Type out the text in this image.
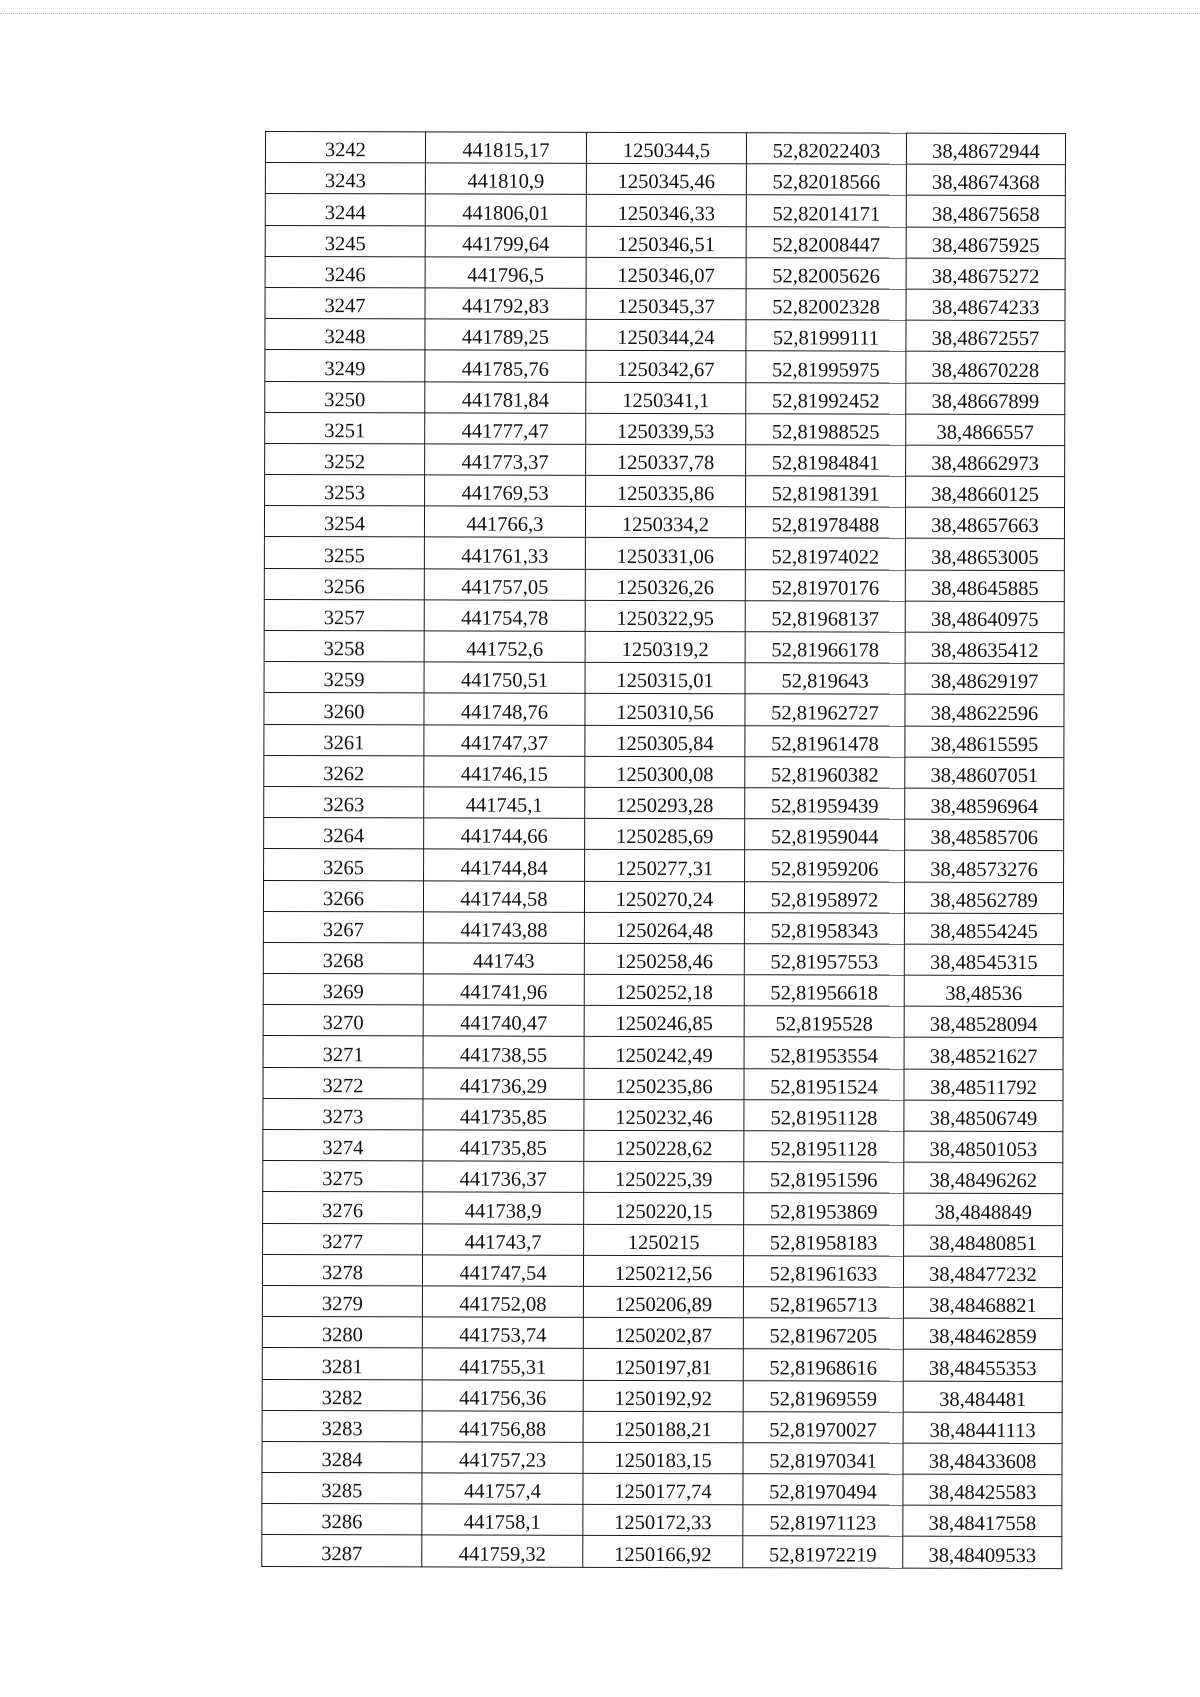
3242	441815,17	1250344,5	52,82022403	38,48672944
3243	441810,9	1250345,46	52,82018566	38,48674368
3244	441806,01	1250346,33	52,82014171	38,48675658
3245	441799,64	1250346,51	52,82008447	38,48675925
3246	441796,5	1250346,07	52,82005626	38,48675272
3247	441792,83	1250345,37	52,82002328	38,48674233
3248	441789,25	1250344,24	52,81999111	38,48672557
3249	441785,76	1250342,67	52,81995975	38,48670228
3250	441781,84	1250341,1	52,81992452	38,48667899
3251	441777,47	1250339,53	52,81988525	38,4866557
3252	441773,37	1250337,78	52,81984841	38,48662973
3253	441769,53	1250335,86	52,81981391	38,48660125
3254	441766,3	1250334,2	52,81978488	38,48657663
3255	441761,33	1250331,06	52,81974022	38,48653005
3256	441757,05	1250326,26	52,81970176	38,48645885
3257	441754,78	1250322,95	52,81968137	38,48640975
3258	441752,6	1250319,2	52,81966178	38,48635412
3259	441750,51	1250315,01	52,819643	38,48629197
3260	441748,76	1250310,56	52,81962727	38,48622596
3261	441747,37	1250305,84	52,81961478	38,48615595
3262	441746,15	1250300,08	52,81960382	38,48607051
3263	441745,1	1250293,28	52,81959439	38,48596964
3264	441744,66	1250285,69	52,81959044	38,48585706
3265	441744,84	1250277,31	52,81959206	38,48573276
3266	441744,58	1250270,24	52,81958972	38,48562789
3267	441743,88	1250264,48	52,81958343	38,48554245
3268	441743	1250258,46	52,81957553	38,48545315
3269	441741,96	1250252,18	52,81956618	38,48536
3270	441740,47	1250246,85	52,8195528	38,48528094
3271	441738,55	1250242,49	52,81953554	38,48521627
3272	441736,29	1250235,86	52,81951524	38,48511792
3273	441735,85	1250232,46	52,81951128	38,48506749
3274	441735,85	1250228,62	52,81951128	38,48501053
3275	441736,37	1250225,39	52,81951596	38,48496262
3276	441738,9	1250220,15	52,81953869	38,4848849
3277	441743,7	1250215	52,81958183	38,48480851
3278	441747,54	1250212,56	52,81961633	38,48477232
3279	441752,08	1250206,89	52,81965713	38,48468821
3280	441753,74	1250202,87	52,81967205	38,48462859
3281	441755,31	1250197,81	52,81968616	38,48455353
3282	441756,36	1250192,92	52,81969559	38,484481
3283	441756,88	1250188,21	52,81970027	38,48441113
3284	441757,23	1250183,15	52,81970341	38,48433608
3285	441757,4	1250177,74	52,81970494	38,48425583
3286	441758,1	1250172,33	52,81971123	38,48417558
3287	441759,32	1250166,92	52,81972219	38,48409533
